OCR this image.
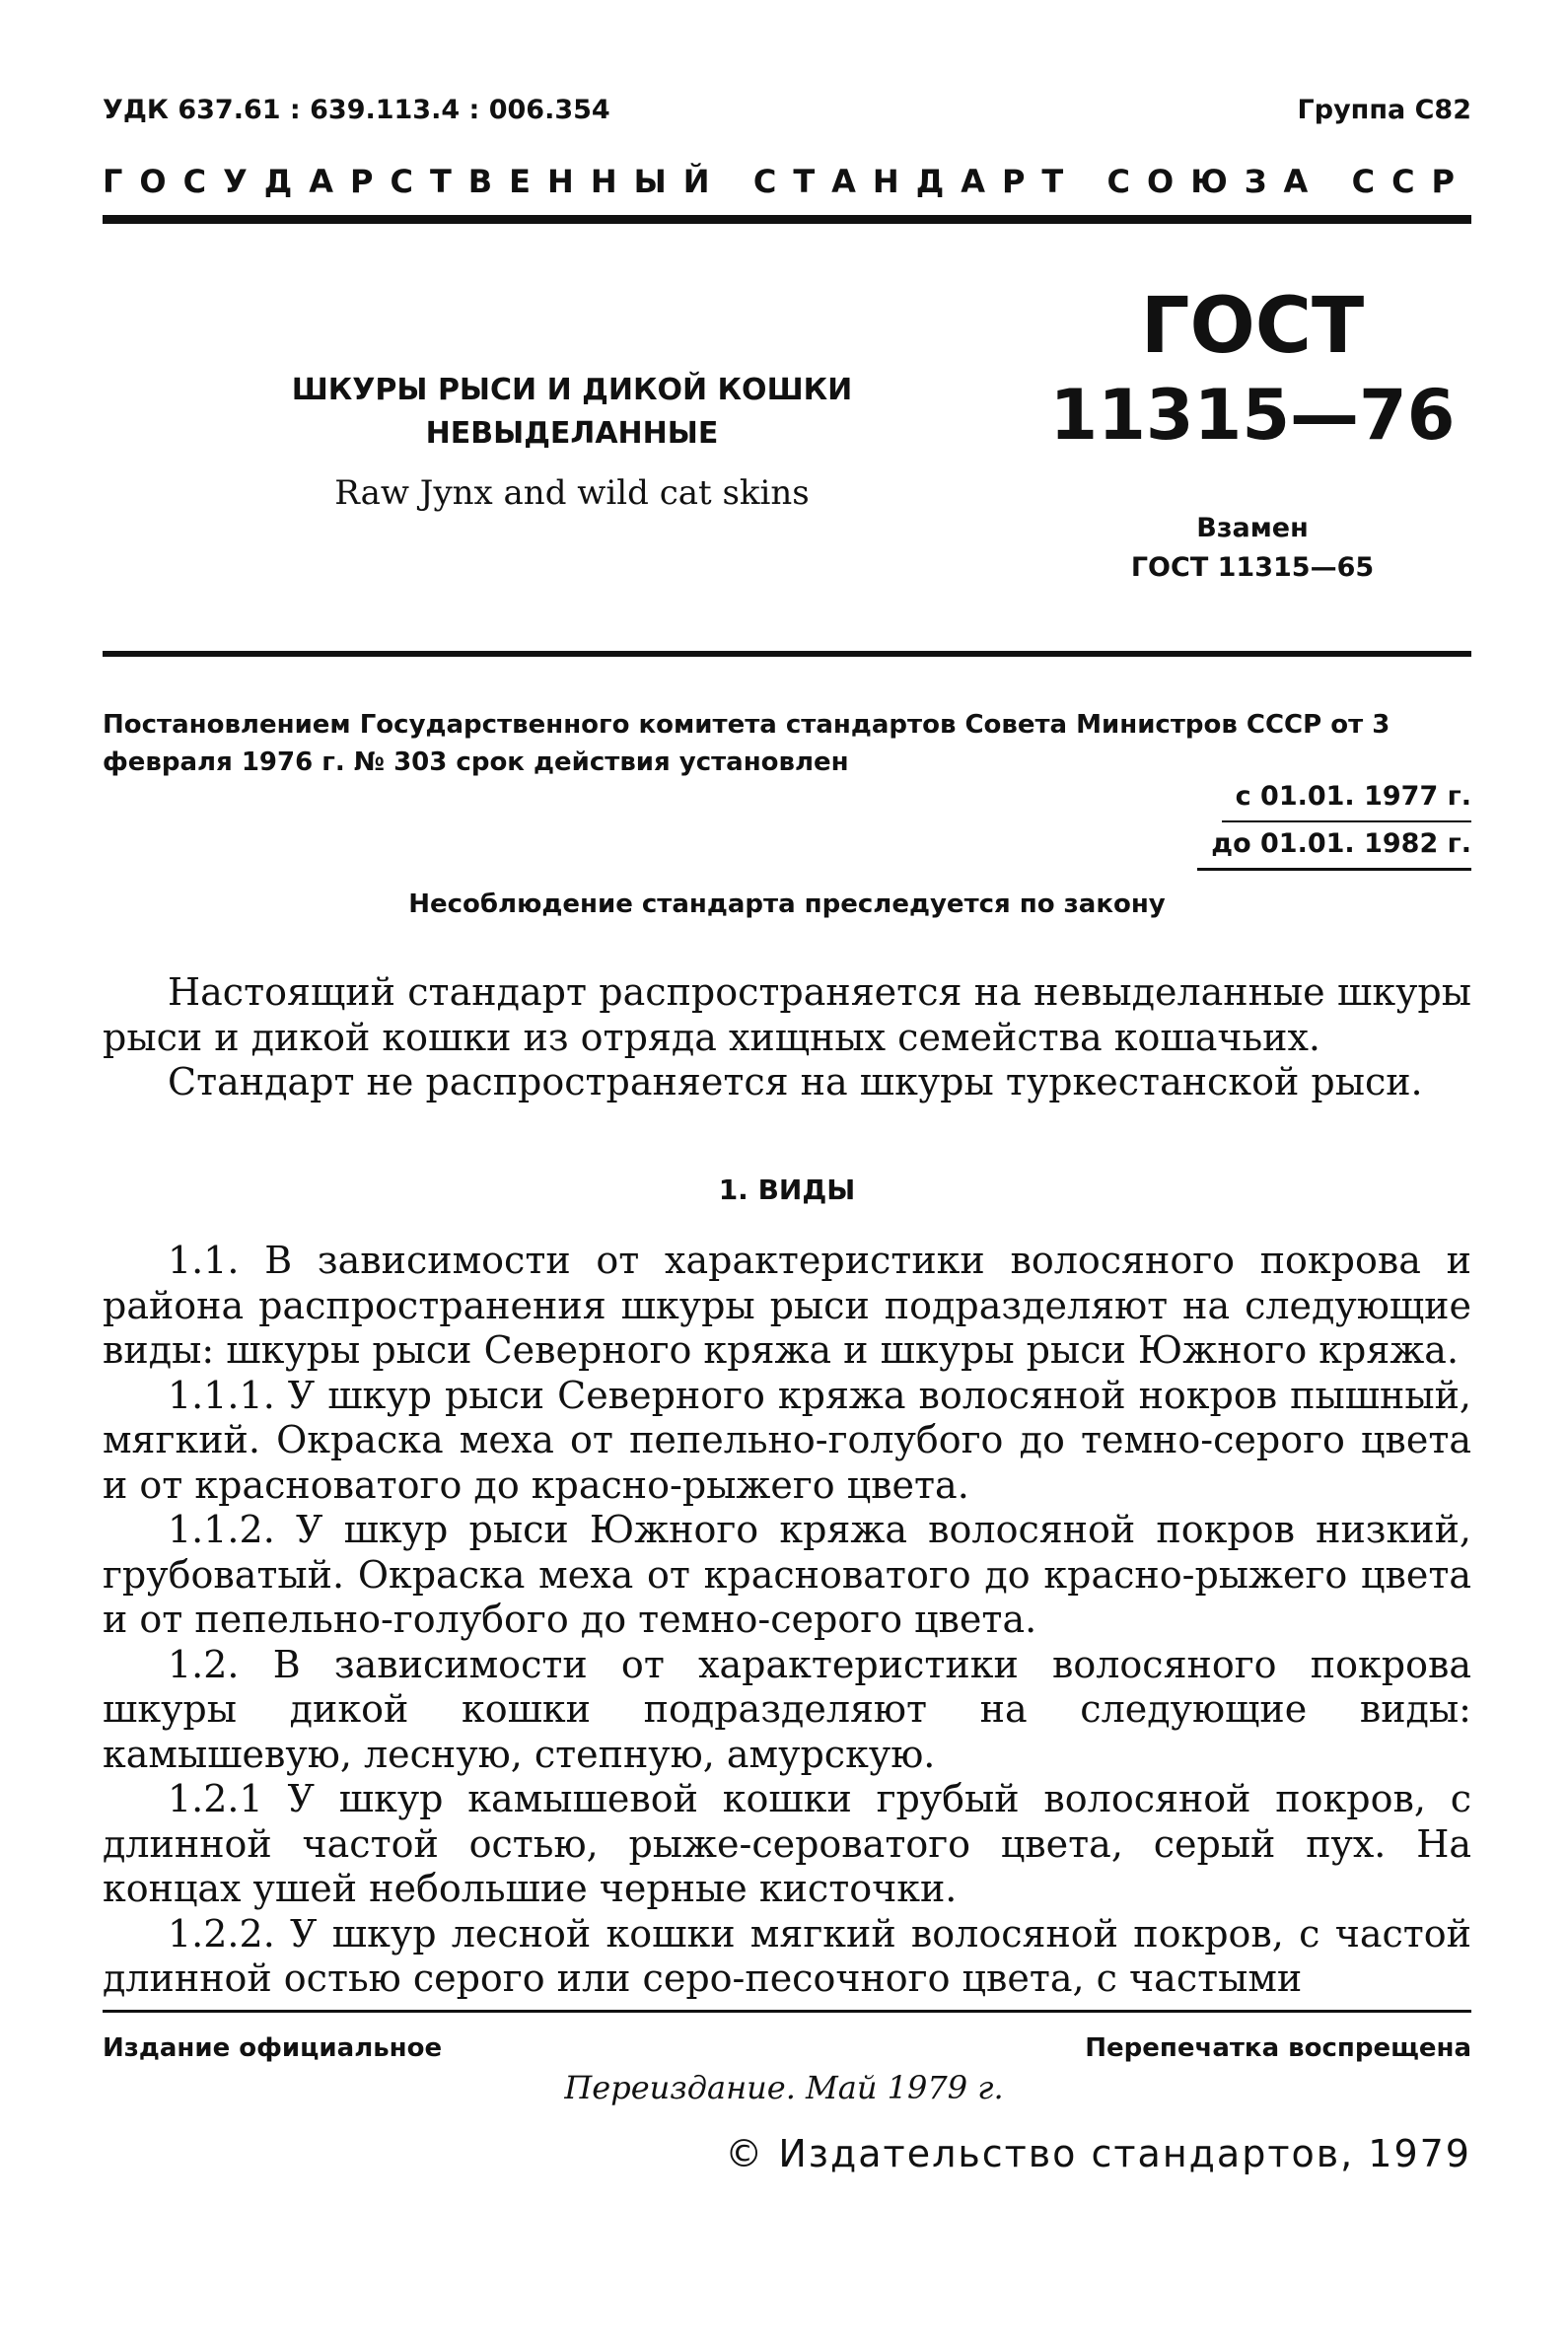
УДК 637.61 : 639.113.4 : 006.354	Группа С82
ГОСУДАРСТВЕННЫЙ СТАНДАРТ СОЮЗА ССР
ШКУРЫ РЫСИ И ДИКОЙ КОШКИ
НЕВЫДЕЛАННЫЕ
Raw Jynx and wild cat skins
ГОСТ
11315—76
Взамен
ГОСТ 11315—65
Постановлением Государственного комитета стандартов Совета Министров СССР от 3 февраля 1976 г. № 303 срок действия установлен
с 01.01. 1977 г.
до 01.01. 1982 г.
Несоблюдение стандарта преследуется по закону

Настоящий стандарт распространяется на невыделанные шкуры рыси и дикой кошки из отряда хищных семейства кошачьих.

Стандарт не распространяется на шкуры туркестанской рыси.

1. ВИДЫ

1.1. В зависимости от характеристики волосяного покрова и района распространения шкуры рыси подразделяют на следующие виды: шкуры рыси Северного кряжа и шкуры рыси Южного кряжа.

1.1.1. У шкур рыси Северного кряжа волосяной нокров пышный, мягкий. Окраска меха от пепельно-голубого до темно-серого цвета и от красноватого до красно-рыжего цвета.

1.1.2. У шкур рыси Южного кряжа волосяной покров низкий, грубоватый. Окраска меха от красноватого до красно-рыжего цвета и от пепельно-голубого до темно-серого цвета.

1.2. В зависимости от характеристики волосяного покрова шкуры дикой кошки подразделяют на следующие виды: камышевую, лесную, степную, амурскую.

1.2.1 У шкур камышевой кошки грубый волосяной покров, с длинной частой остью, рыже-сероватого цвета, серый пух. На концах ушей небольшие черные кисточки.

1.2.2. У шкур лесной кошки мягкий волосяной покров, с частой длинной остью серого или серо-песочного цвета, с частыми

Издание официальное	Перепечатка воспрещена
Переиздание. Май 1979 г.
© Издательство стандартов, 1979
